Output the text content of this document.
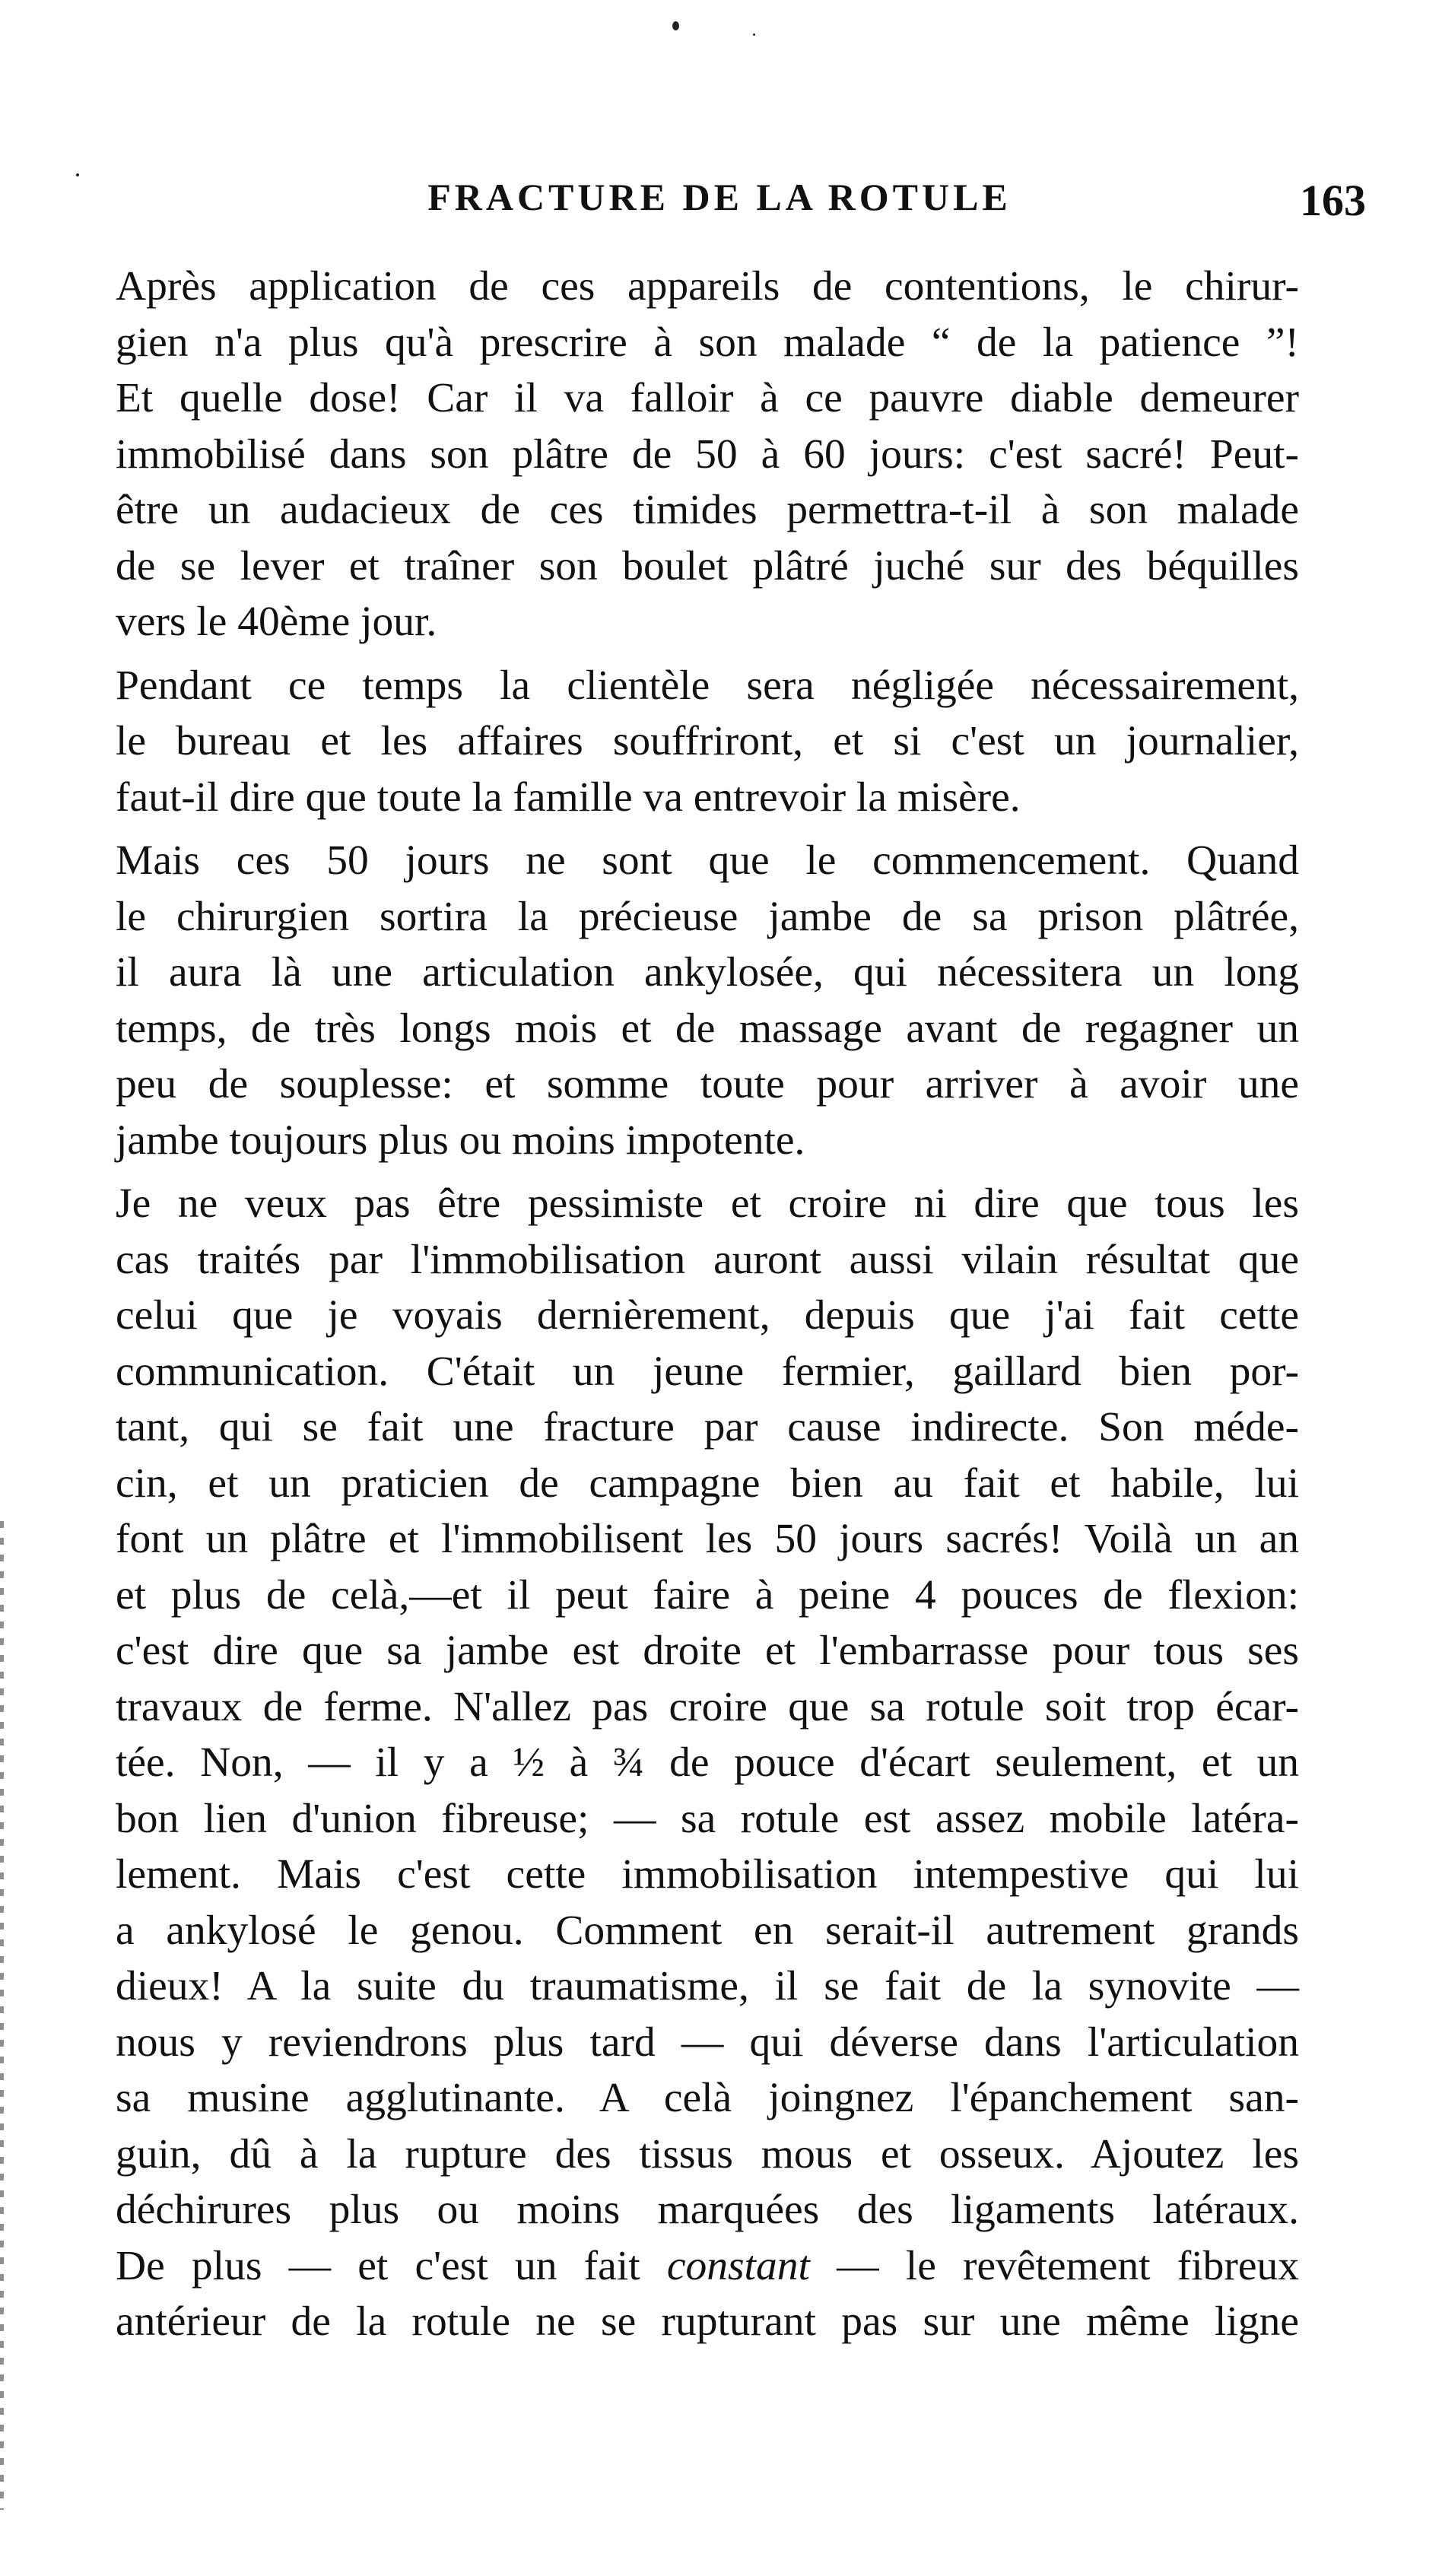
FRACTURE DE LA ROTULE	163
Après application de ces appareils de contentions, le chirur-
gien n'a plus qu'à prescrire à son malade “ de la patience ”!
Et quelle dose! Car il va falloir à ce pauvre diable demeurer
immobilisé dans son plâtre de 50 à 60 jours: c'est sacré! Peut-
être un audacieux de ces timides permettra-t-il à son malade
de se lever et traîner son boulet plâtré juché sur des béquilles
vers le 40ème jour.
Pendant ce temps la clientèle sera négligée nécessairement,
le bureau et les affaires souffriront, et si c'est un journalier,
faut-il dire que toute la famille va entrevoir la misère.
Mais ces 50 jours ne sont que le commencement. Quand
le chirurgien sortira la précieuse jambe de sa prison plâtrée,
il aura là une articulation ankylosée, qui nécessitera un long
temps, de très longs mois et de massage avant de regagner un
peu de souplesse: et somme toute pour arriver à avoir une
jambe toujours plus ou moins impotente.
Je ne veux pas être pessimiste et croire ni dire que tous les
cas traités par l'immobilisation auront aussi vilain résultat que
celui que je voyais dernièrement, depuis que j'ai fait cette
communication. C'était un jeune fermier, gaillard bien por-
tant, qui se fait une fracture par cause indirecte. Son méde-
cin, et un praticien de campagne bien au fait et habile, lui
font un plâtre et l'immobilisent les 50 jours sacrés! Voilà un an
et plus de celà,—et il peut faire à peine 4 pouces de flexion:
c'est dire que sa jambe est droite et l'embarrasse pour tous ses
travaux de ferme. N'allez pas croire que sa rotule soit trop écar-
tée. Non, — il y a ½ à ¾ de pouce d'écart seulement, et un
bon lien d'union fibreuse; — sa rotule est assez mobile latéra-
lement. Mais c'est cette immobilisation intempestive qui lui
a ankylosé le genou. Comment en serait-il autrement grands
dieux! A la suite du traumatisme, il se fait de la synovite —
nous y reviendrons plus tard — qui déverse dans l'articulation
sa musine agglutinante. A celà joingnez l'épanchement san-
guin, dû à la rupture des tissus mous et osseux. Ajoutez les
déchirures plus ou moins marquées des ligaments latéraux.
De plus — et c'est un fait constant — le revêtement fibreux
antérieur de la rotule ne se rupturant pas sur une même ligne
